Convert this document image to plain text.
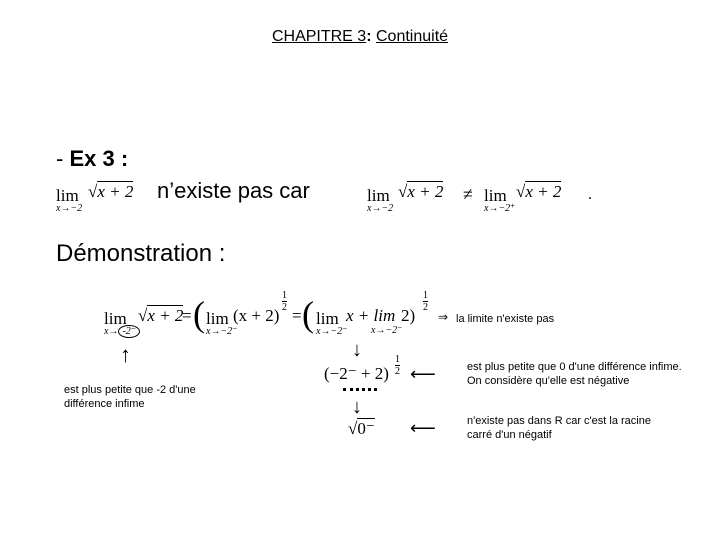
CHAPITRE 3: Continuité
- Ex 3 :
lim
x→−2
√x + 2 n’existe pas car	lim
x→−2
√x + 2 ≠ lim
x→−2⁺
√x + 2 .
Démonstration :
lim
x→ -2⁻
√x + 2
= ( lim
x→−2⁻
(x + 2)
$\frac{1}{2}$
= ( lim
x→−2⁻
x + lim
x→−2⁻
2)
$\frac{1}{2}$
⇒ la limite n'existe pas
↑
est plus petite que -2 d'une
différence infime
↓
$(-2^- + 2) \frac{1}{2}$ ⟵	est plus petite que 0 d'une différence infime.
On considère qu'elle est négative
↓
√0⁻ ⟵	n'existe pas dans R car c'est la racine
carré d'un négatif
